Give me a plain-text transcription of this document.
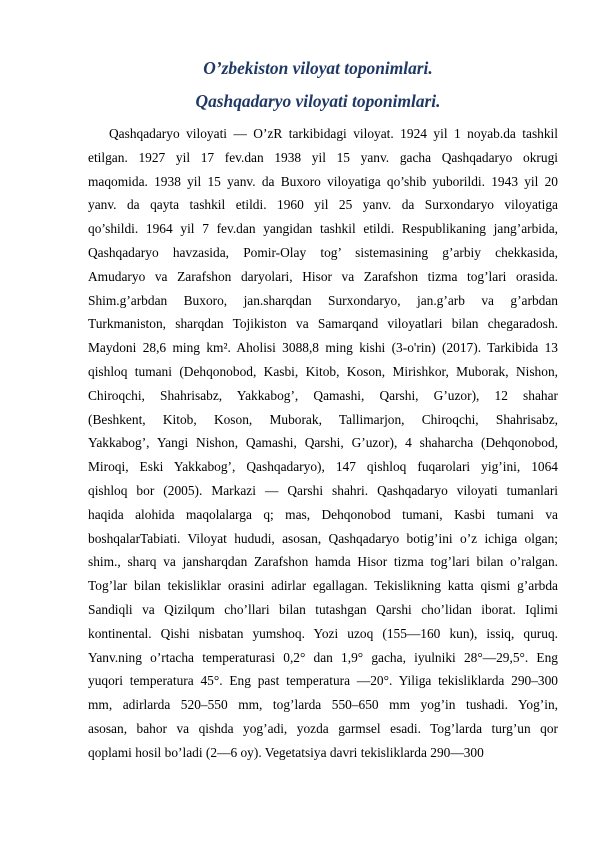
O’zbekiston viloyat toponimlari.
Qashqadaryo viloyati toponimlari.
Qashqadaryo viloyati — O’zR tarkibidagi viloyat. 1924 yil 1 noyab.da tashkil
etilgan. 1927 yil 17 fev.dan 1938 yil 15 yanv. gacha Qashqadaryo okrugi
maqomida. 1938 yil 15 yanv. da Buxoro viloyatiga qo’shib yuborildi. 1943 yil 20
yanv. da qayta tashkil etildi. 1960 yil 25 yanv. da Surxondaryo viloyatiga
qo’shildi. 1964 yil 7 fev.dan yangidan tashkil etildi. Respublikaning jang’arbida,
Qashqadaryo havzasida, Pomir-Olay tog’ sistemasining g’arbiy chekkasida,
Amudaryo va Zarafshon daryolari, Hisor va Zarafshon tizma tog’lari orasida.
Shim.g’arbdan Buxoro, jan.sharqdan Surxondaryo, jan.g’arb va g’arbdan
Turkmaniston, sharqdan Tojikiston va Samarqand viloyatlari bilan chegaradosh.
Maydoni 28,6 ming km². Aholisi 3088,8 ming kishi (3-o'rin) (2017). Tarkibida 13
qishloq tumani (Dehqonobod, Kasbi, Kitob, Koson, Mirishkor, Muborak, Nishon,
Chiroqchi, Shahrisabz, Yakkabog’, Qamashi, Qarshi, G’uzor), 12 shahar
(Beshkent, Kitob, Koson, Muborak, Tallimarjon, Chiroqchi, Shahrisabz,
Yakkabog’, Yangi Nishon, Qamashi, Qarshi, G’uzor), 4 shaharcha (Dehqonobod,
Miroqi, Eski Yakkabog’, Qashqadaryo), 147 qishloq fuqarolari yig’ini, 1064
qishloq bor (2005). Markazi — Qarshi shahri. Qashqadaryo viloyati tumanlari
haqida alohida maqolalarga q; mas, Dehqonobod tumani, Kasbi tumani va
boshqalarTabiati. Viloyat hududi, asosan, Qashqadaryo botig’ini o’z ichiga olgan;
shim., sharq va jansharqdan Zarafshon hamda Hisor tizma tog’lari bilan o’ralgan.
Tog’lar bilan tekisliklar orasini adirlar egallagan. Tekislikning katta qismi g’arbda
Sandiqli va Qizilqum cho’llari bilan tutashgan Qarshi cho’lidan iborat. Iqlimi
kontinental. Qishi nisbatan yumshoq. Yozi uzoq (155—160 kun), issiq, quruq.
Yanv.ning o’rtacha temperaturasi 0,2° dan 1,9° gacha, iyulniki 28°—29,5°. Eng
yuqori temperatura 45°. Eng past temperatura —20°. Yiliga tekisliklarda 290–300
mm, adirlarda 520–550 mm, tog’larda 550–650 mm yog’in tushadi. Yog’in,
asosan, bahor va qishda yog’adi, yozda garmsel esadi. Tog’larda turg’un qor
qoplami hosil bo’ladi (2—6 oy). Vegetatsiya davri tekisliklarda 290—300
